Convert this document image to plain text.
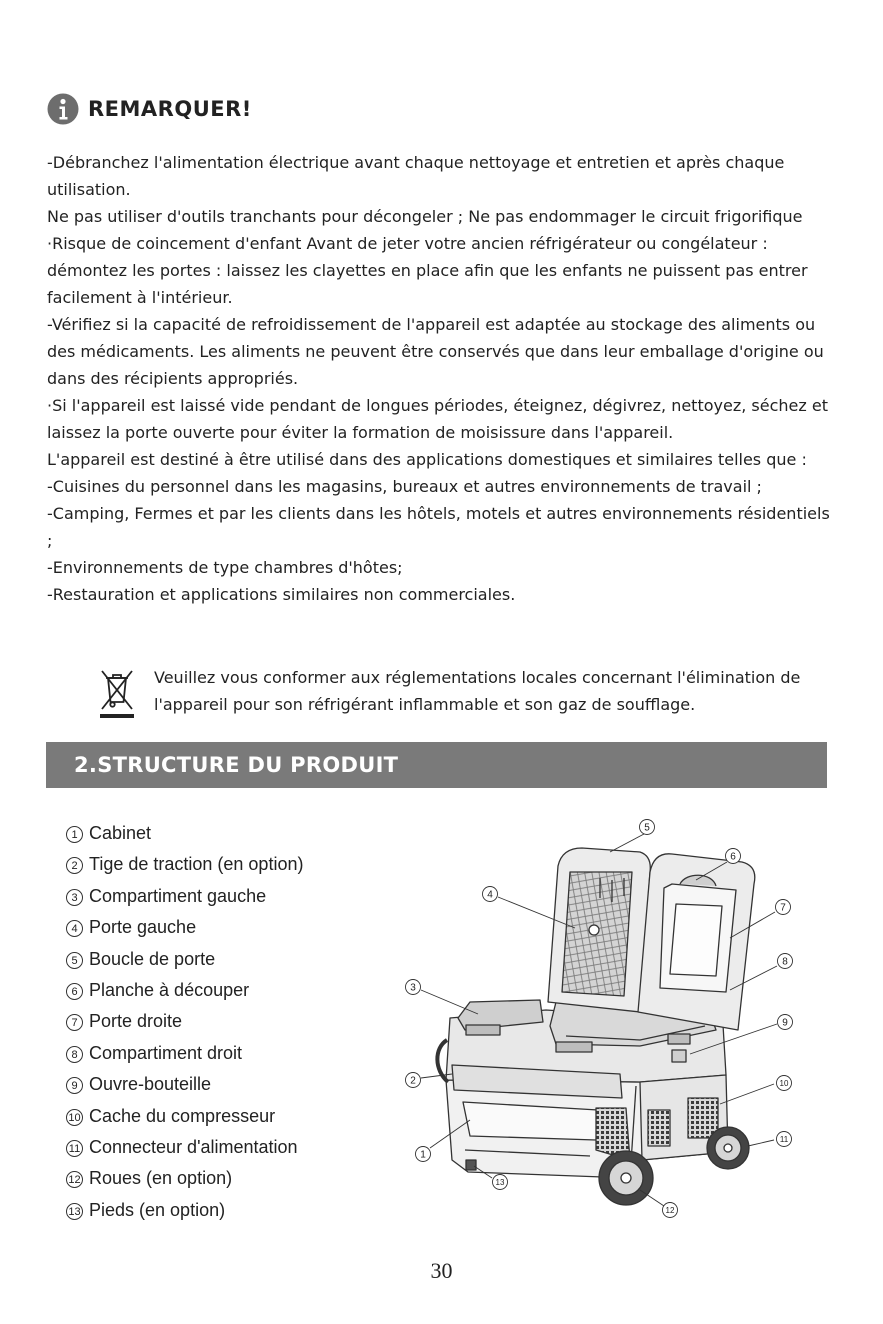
REMARQUER!

-Débranchez l'alimentation électrique avant chaque nettoyage et entretien et après chaque utilisation.

Ne pas utiliser d'outils tranchants pour décongeler ; Ne pas endommager le circuit frigorifique

·Risque de coincement d'enfant Avant de jeter votre ancien réfrigérateur ou congélateur : démontez les portes : laissez les clayettes en place afin que les enfants ne puissent pas entrer facilement à l'intérieur.

-Vérifiez si la capacité de refroidissement de l'appareil est adaptée au stockage des aliments ou des médicaments. Les aliments ne peuvent être conservés que dans leur emballage d'origine ou dans des récipients appropriés.

·Si l'appareil est laissé vide pendant de longues périodes, éteignez, dégivrez, nettoyez, séchez et laissez la porte ouverte pour éviter la formation de moisissure dans l'appareil.

L'appareil est destiné à être utilisé dans des applications domestiques et similaires telles que :

-Cuisines du personnel dans les magasins, bureaux et autres environnements de travail ;

-Camping, Fermes et par les clients dans les hôtels, motels et autres environnements résidentiels ;

-Environnements de type chambres d'hôtes;

-Restauration et applications similaires non commerciales.

Veuillez vous conformer aux réglementations locales concernant l'élimination de l'appareil pour son réfrigérant inflammable et son gaz de soufflage.
2.STRUCTURE DU PRODUIT
1 Cabinet
2 Tige de traction (en option)
3 Compartiment gauche
4 Porte gauche
5 Boucle de porte
6 Planche à découper
7 Porte droite
8 Compartiment droit
9 Ouvre-bouteille
10 Cache du compresseur
11 Connecteur d'alimentation
12 Roues (en option)
13 Pieds (en option)
1
2
3
4
5
6
7
8
9
10
11
12
13
30
